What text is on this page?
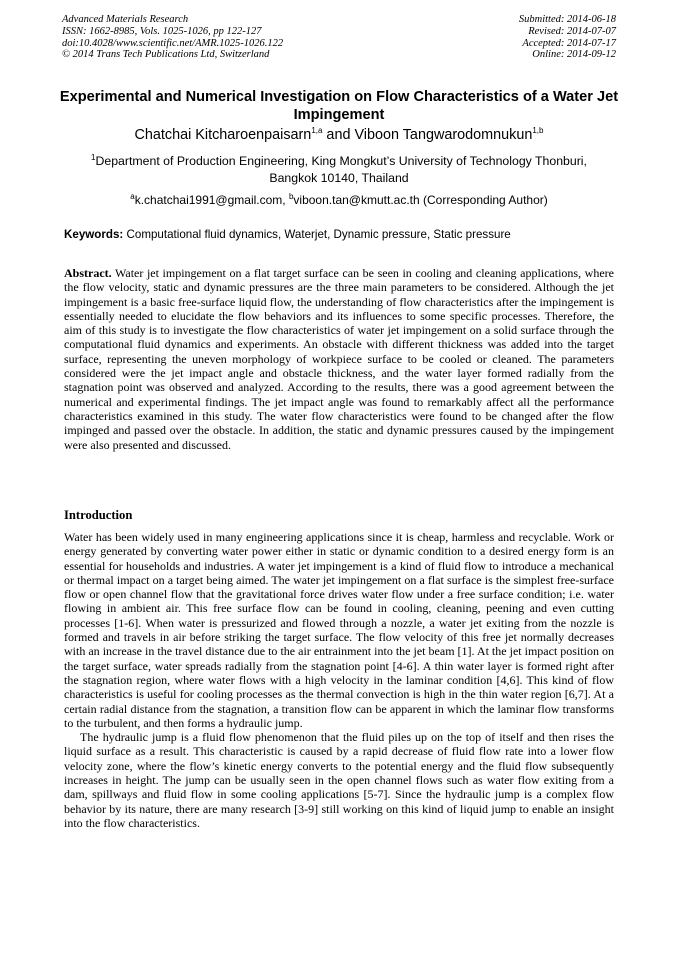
Advanced Materials Research
ISSN: 1662-8985, Vols. 1025-1026, pp 122-127
doi:10.4028/www.scientific.net/AMR.1025-1026.122
© 2014 Trans Tech Publications Ltd, Switzerland
Submitted: 2014-06-18
Revised: 2014-07-07
Accepted: 2014-07-17
Online: 2014-09-12
Experimental and Numerical Investigation on Flow Characteristics of a Water Jet Impingement
Chatchai Kitcharoenpaisarn$^{1,a}$ and Viboon Tangwarodomnukun$^{1,b}$
$^1$Department of Production Engineering, King Mongkut’s University of Technology Thonburi,
Bangkok 10140, Thailand
$^a$k.chatchai1991@gmail.com, $^b$viboon.tan@kmutt.ac.th (Corresponding Author)
Keywords: Computational fluid dynamics, Waterjet, Dynamic pressure, Static pressure
Abstract. Water jet impingement on a flat target surface can be seen in cooling and cleaning applications, where the flow velocity, static and dynamic pressures are the three main parameters to be considered. Although the jet impingement is a basic free-surface liquid flow, the understanding of flow characteristics after the impingement is essentially needed to elucidate the flow behaviors and its influences to some specific processes. Therefore, the aim of this study is to investigate the flow characteristics of water jet impingement on a solid surface through the computational fluid dynamics and experiments. An obstacle with different thickness was added into the target surface, representing the uneven morphology of workpiece surface to be cooled or cleaned. The parameters considered were the jet impact angle and obstacle thickness, and the water layer formed radially from the stagnation point was observed and analyzed. According to the results, there was a good agreement between the numerical and experimental findings. The jet impact angle was found to remarkably affect all the performance characteristics examined in this study. The water flow characteristics were found to be changed after the flow impinged and passed over the obstacle. In addition, the static and dynamic pressures caused by the impingement were also presented and discussed.
Introduction

Water has been widely used in many engineering applications since it is cheap, harmless and recyclable. Work or energy generated by converting water power either in static or dynamic condition to a desired energy form is an essential for households and industries. A water jet impingement is a kind of fluid flow to introduce a mechanical or thermal impact on a target being aimed. The water jet impingement on a flat surface is the simplest free-surface flow or open channel flow that the gravitational force drives water flow under a free surface condition; i.e. water flowing in ambient air. This free surface flow can be found in cooling, cleaning, peening and even cutting processes [1-6]. When water is pressurized and flowed through a nozzle, a water jet exiting from the nozzle is formed and travels in air before striking the target surface. The flow velocity of this free jet normally decreases with an increase in the travel distance due to the air entrainment into the jet beam [1]. At the jet impact position on the target surface, water spreads radially from the stagnation point [4-6]. A thin water layer is formed right after the stagnation region, where water flows with a high velocity in the laminar condition [4,6]. This kind of flow characteristics is useful for cooling processes as the thermal convection is high in the thin water region [6,7]. At a certain radial distance from the stagnation, a transition flow can be apparent in which the laminar flow transforms to the turbulent, and then forms a hydraulic jump.

The hydraulic jump is a fluid flow phenomenon that the fluid piles up on the top of itself and then rises the liquid surface as a result. This characteristic is caused by a rapid decrease of fluid flow rate into a lower flow velocity zone, where the flow’s kinetic energy converts to the potential energy and the fluid flow subsequently increases in height. The jump can be usually seen in the open channel flows such as water flow exiting from a dam, spillways and fluid flow in some cooling applications [5-7]. Since the hydraulic jump is a complex flow behavior by its nature, there are many research [3-9] still working on this kind of liquid jump to enable an insight into the flow characteristics.
